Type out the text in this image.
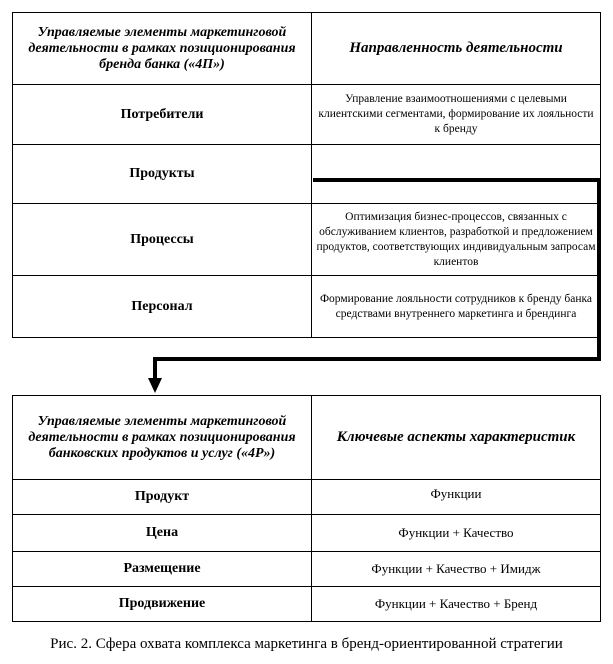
Управляемые элементы маркетинговой деятельности в рамках позиционирования бренда банка («4П»)	Направленность деятельности
Потребители	Управление взаимоотношениями с целевыми клиентскими сегментами, формирование их лояльности к бренду
Продукты	
Процессы	Оптимизация бизнес-процессов, связанных с обслуживанием клиентов, разработкой и предложением продуктов, соответствующих индивидуальным запросам клиентов
Персонал	Формирование лояльности сотрудников к бренду банка средствами внутреннего маркетинга и брендинга
Управляемые элементы маркетинговой деятельности в рамках позиционирования банковских продуктов и услуг («4Р»)	Ключевые аспекты характеристик
Продукт	Функции
Цена	Функции + Качество
Размещение	Функции + Качество + Имидж
Продвижение	Функции + Качество + Бренд
Рис. 2. Сфера охвата комплекса маркетинга в бренд-ориентированной стратегии
